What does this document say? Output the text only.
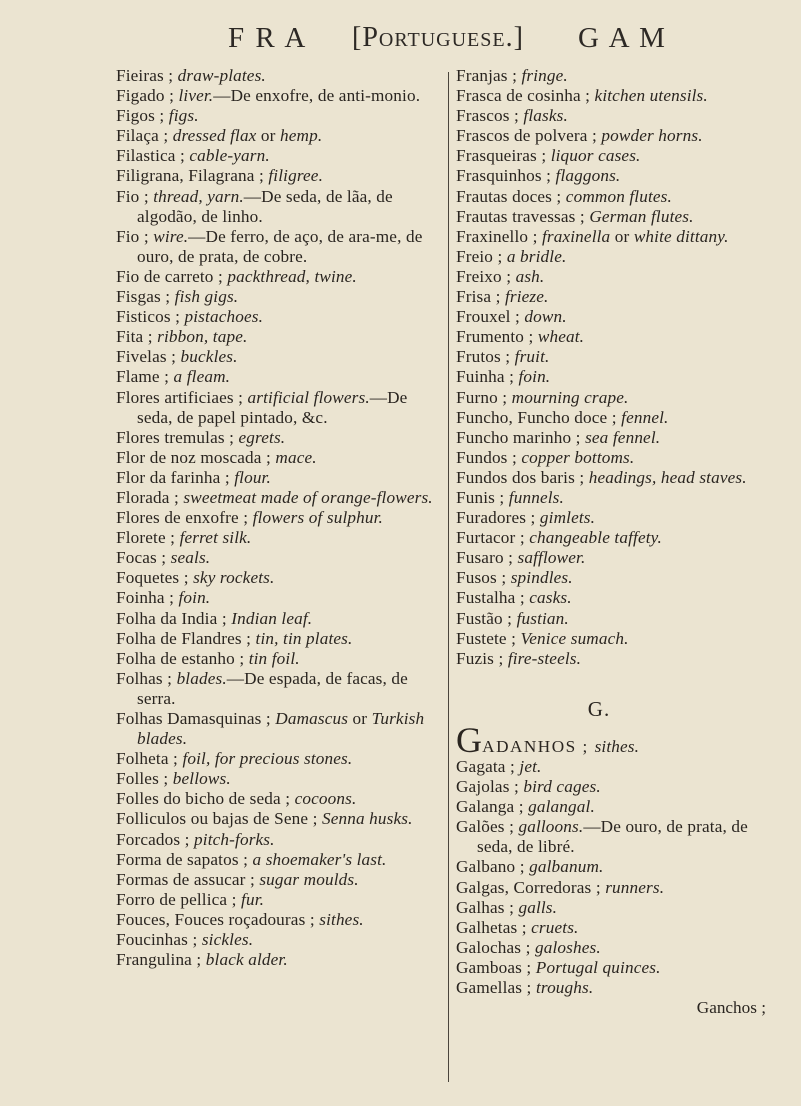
F R A [Portuguese.] G A M
Fieiras ; draw-plates.
Figado ; liver.—De enxofre, de anti-monio.
Figos ; figs.
Filaça ; dressed flax or hemp.
Filastica ; cable-yarn.
Filigrana, Filagrana ; filigree.
Fio ; thread, yarn.—De seda, de lãa, de algodão, de linho.
Fio ; wire.—De ferro, de aço, de ara-me, de ouro, de prata, de cobre.
Fio de carreto ; packthread, twine.
Fisgas ; fish gigs.
Fisticos ; pistachoes.
Fita ; ribbon, tape.
Fivelas ; buckles.
Flame ; a fleam.
Flores artificiaes ; artificial flowers.—De seda, de papel pintado, &c.
Flores tremulas ; egrets.
Flor de noz moscada ; mace.
Flor da farinha ; flour.
Florada ; sweetmeat made of orange-flowers.
Flores de enxofre ; flowers of sulphur.
Florete ; ferret silk.
Focas ; seals.
Foquetes ; sky rockets.
Foinha ; foin.
Folha da India ; Indian leaf.
Folha de Flandres ; tin, tin plates.
Folha de estanho ; tin foil.
Folhas ; blades.—De espada, de facas, de serra.
Folhas Damasquinas ; Damascus or Turkish blades.
Folheta ; foil, for precious stones.
Folles ; bellows.
Folles do bicho de seda ; cocoons.
Folliculos ou bajas de Sene ; Senna husks.
Forcados ; pitch-forks.
Forma de sapatos ; a shoemaker's last.
Formas de assucar ; sugar moulds.
Forro de pellica ; fur.
Fouces, Fouces roçadouras ; sithes.
Foucinhas ; sickles.
Frangulina ; black alder.
Franjas ; fringe.
Frasca de cosinha ; kitchen utensils.
Frascos ; flasks.
Frascos de polvera ; powder horns.
Frasqueiras ; liquor cases.
Frasquinhos ; flaggons.
Frautas doces ; common flutes.
Frautas travessas ; German flutes.
Fraxinello ; fraxinella or white dittany.
Freio ; a bridle.
Freixo ; ash.
Frisa ; frieze.
Frouxel ; down.
Frumento ; wheat.
Frutos ; fruit.
Fuinha ; foin.
Furno ; mourning crape.
Funcho, Funcho doce ; fennel.
Funcho marinho ; sea fennel.
Fundos ; copper bottoms.
Fundos dos baris ; headings, head staves.
Funis ; funnels.
Furadores ; gimlets.
Furtacor ; changeable taffety.
Fusaro ; safflower.
Fusos ; spindles.
Fustalha ; casks.
Fustão ; fustian.
Fustete ; Venice sumach.
Fuzis ; fire-steels.
G.
GADANHOS ; sithes.
Gagata ; jet.
Gajolas ; bird cages.
Galanga ; galangal.
Galões ; galloons.—De ouro, de prata, de seda, de libré.
Galbano ; galbanum.
Galgas, Corredoras ; runners.
Galhas ; galls.
Galhetas ; cruets.
Galochas ; galoshes.
Gamboas ; Portugal quinces.
Gamellas ; troughs.
Ganchos ;
